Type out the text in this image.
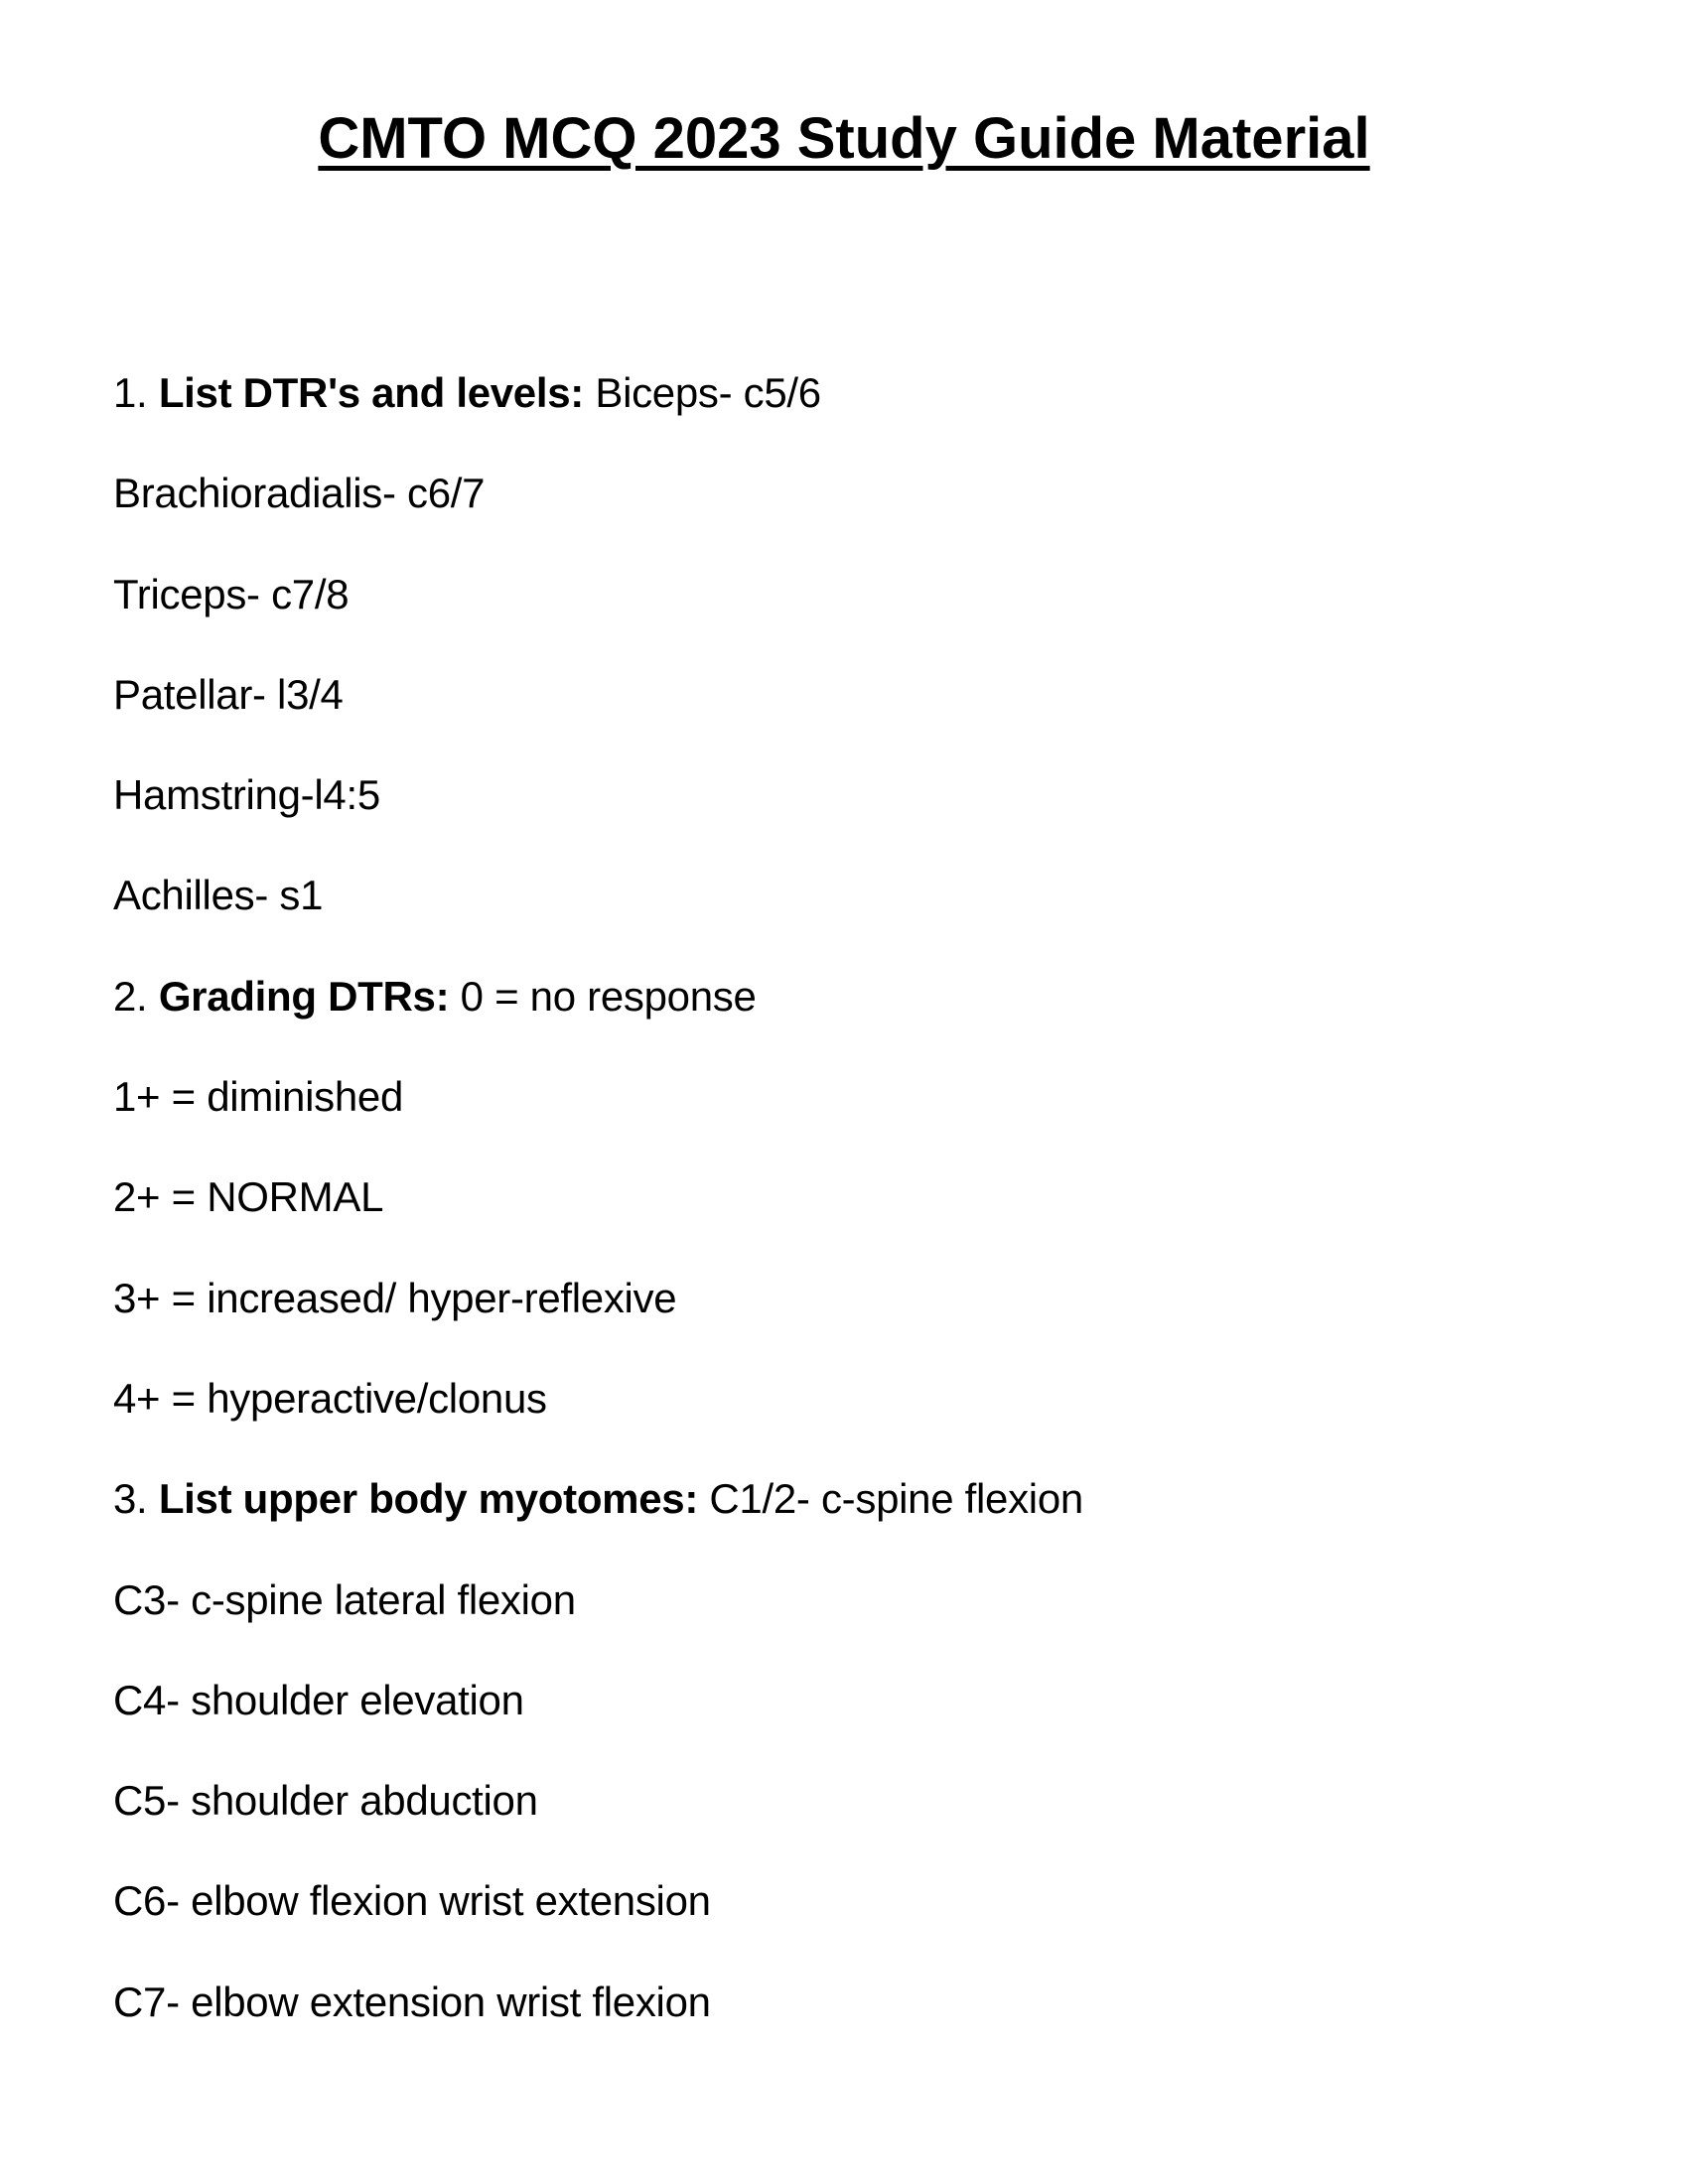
CMTO MCQ 2023 Study Guide Material
1. List DTR's and levels: Biceps- c5/6
Brachioradialis- c6/7
Triceps- c7/8
Patellar- l3/4
Hamstring-l4:5
Achilles- s1
2. Grading DTRs: 0 = no response
1+ = diminished
2+ = NORMAL
3+ = increased/ hyper-reflexive
4+ = hyperactive/clonus
3. List upper body myotomes: C1/2- c-spine flexion
C3- c-spine lateral flexion
C4- shoulder elevation
C5- shoulder abduction
C6- elbow flexion wrist extension
C7- elbow extension wrist flexion
